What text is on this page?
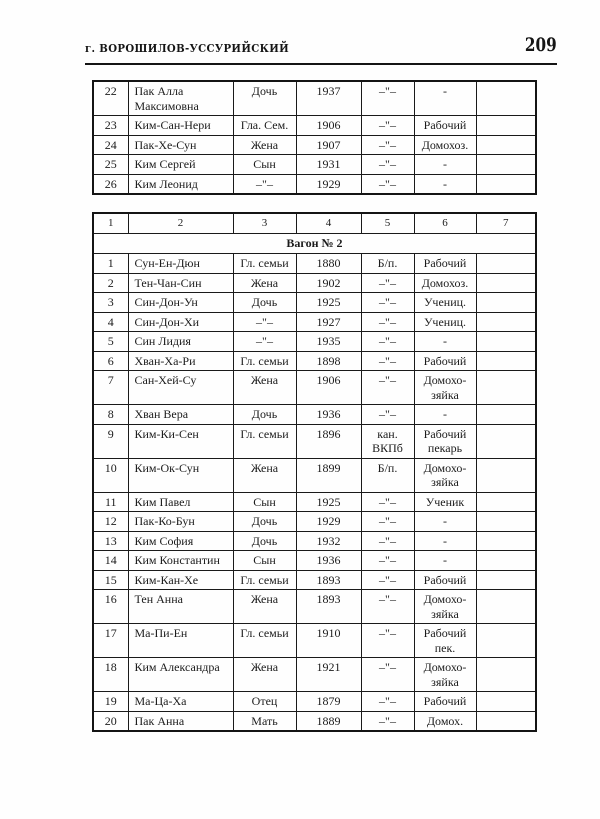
г. ВОРОШИЛОВ-УССУРИЙСКИЙ	209
22	Пак Алла Максимовна	Дочь	1937	–"–	-	
23	Ким-Сан-Нери	Гла. Сем.	1906	–"–	Рабочий	
24	Пак-Хе-Сун	Жена	1907	–"–	Домохоз.	
25	Ким Сергей	Сын	1931	–"–	-	
26	Ким Леонид	–"–	1929	–"–	-	
1	2	3	4	5	6	7
Вагон № 2						
1	Сун-Ен-Дюн	Гл. семьи	1880	Б/п.	Рабочий	
2	Тен-Чан-Син	Жена	1902	–"–	Домохоз.	
3	Син-Дон-Ун	Дочь	1925	–"–	Учениц.	
4	Син-Дон-Хи	–"–	1927	–"–	Учениц.	
5	Син Лидия	–"–	1935	–"–	-	
6	Хван-Ха-Ри	Гл. семьи	1898	–"–	Рабочий	
7	Сан-Хей-Су	Жена	1906	–"–	Домохо-зяйка	
8	Хван Вера	Дочь	1936	–"–	-	
9	Ким-Ки-Сен	Гл. семьи	1896	кан. ВКПб	Рабочий пекарь	
10	Ким-Ок-Сун	Жена	1899	Б/п.	Домохо-зяйка	
11	Ким Павел	Сын	1925	–"–	Ученик	
12	Пак-Ко-Бун	Дочь	1929	–"–	-	
13	Ким София	Дочь	1932	–"–	-	
14	Ким Константин	Сын	1936	–"–	-	
15	Ким-Кан-Хе	Гл. семьи	1893	–"–	Рабочий	
16	Тен Анна	Жена	1893	–"–	Домохо-зяйка	
17	Ма-Пи-Ен	Гл. семьи	1910	–"–	Рабочий пек.	
18	Ким Александра	Жена	1921	–"–	Домохо-зяйка	
19	Ма-Ца-Ха	Отец	1879	–"–	Рабочий	
20	Пак Анна	Мать	1889	–"–	Домох.	
